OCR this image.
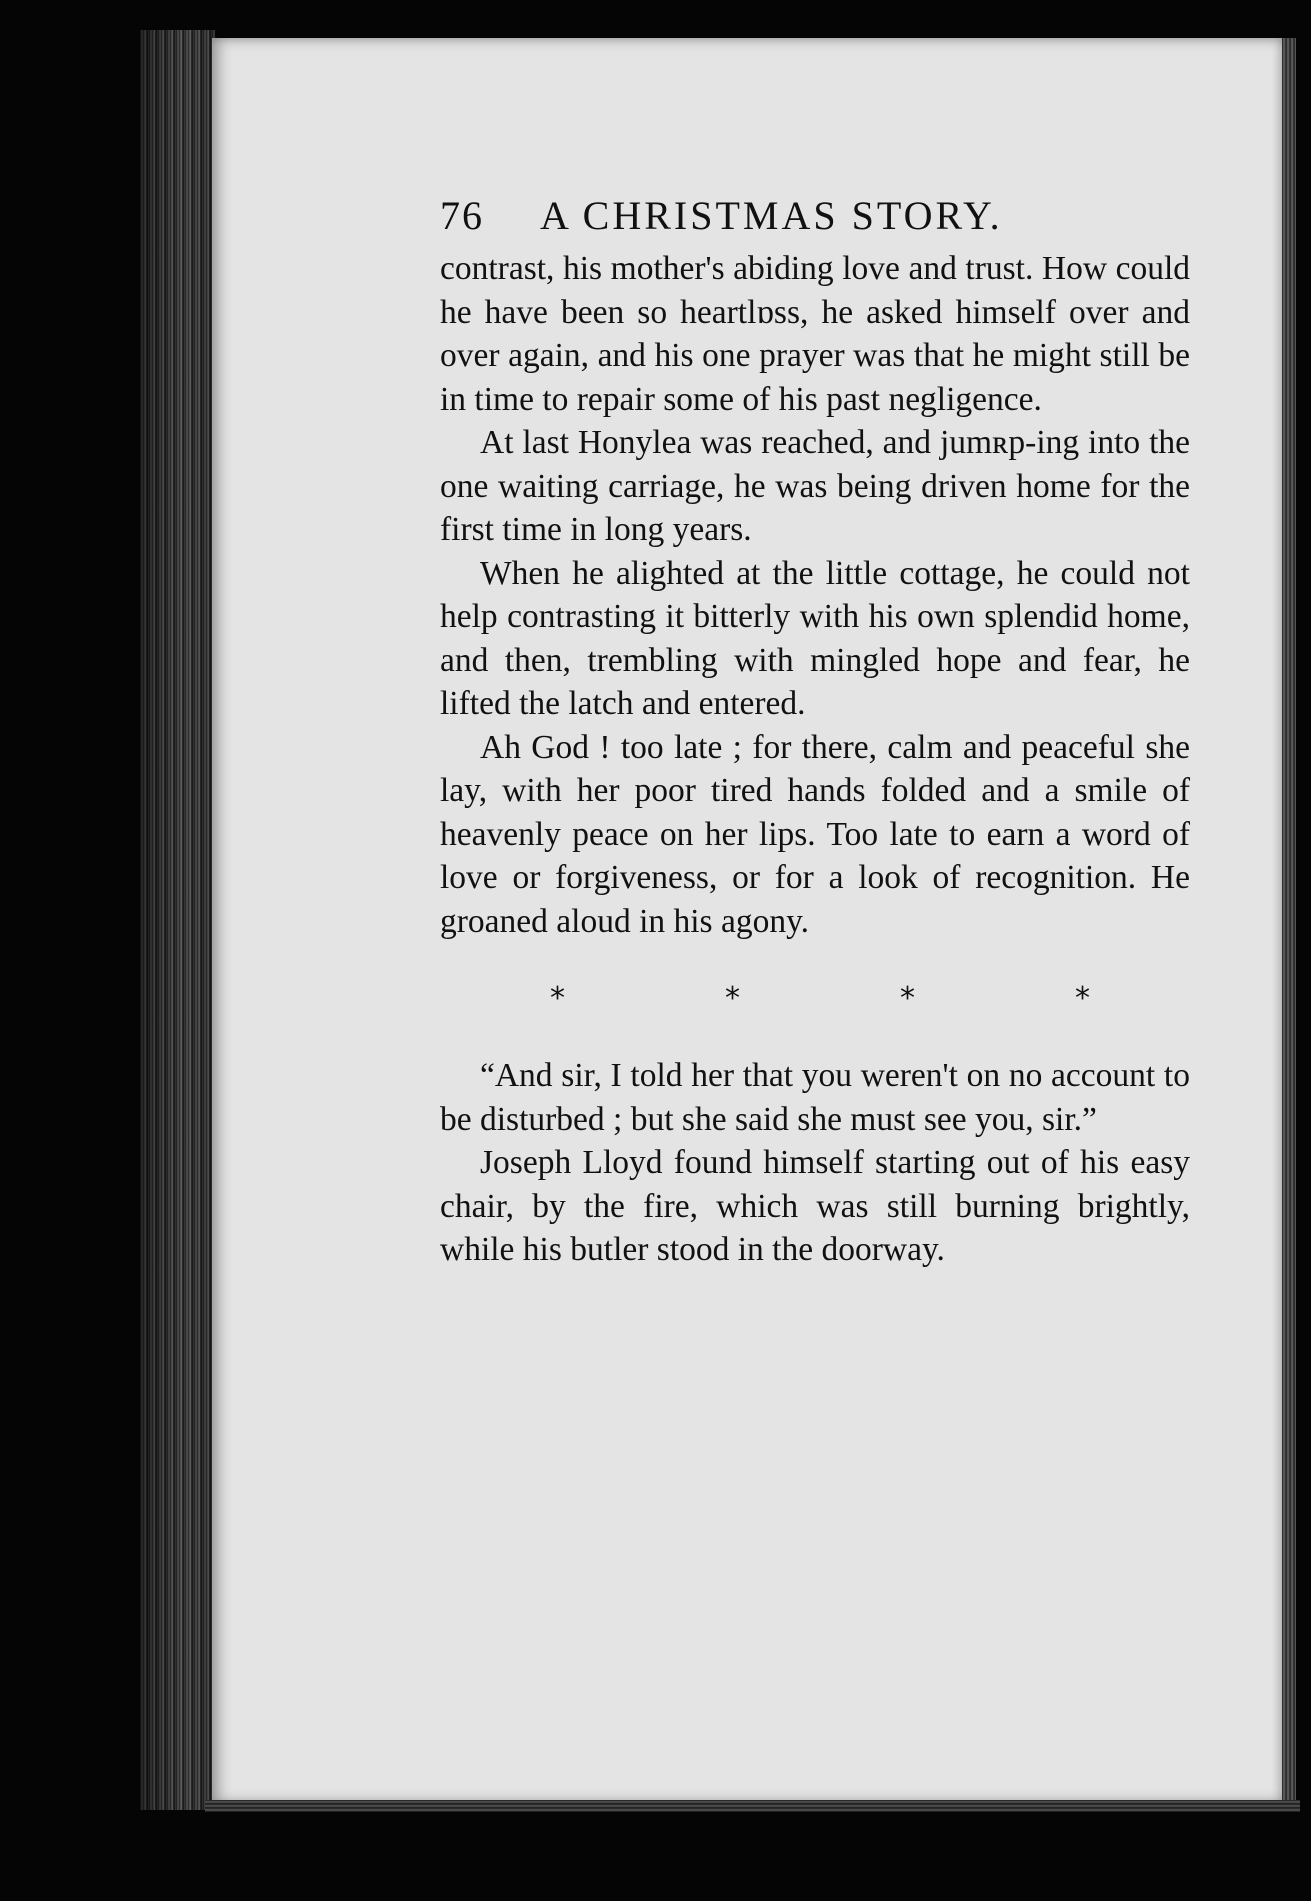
76	A CHRISTMAS STORY.

contrast, his mother's abiding love and trust. How could he have been so heartlɒss, he asked himself over and over again, and his one prayer was that he might still be in time to repair some of his past negligence.

At last Honylea was reached, and jumʀp-ing into the one waiting carriage, he was being driven home for the first time in long years.

When he alighted at the little cottage, he could not help contrasting it bitterly with his own splendid home, and then, trembling with mingled hope and fear, he lifted the latch and entered.

Ah God ! too late ; for there, calm and peaceful she lay, with her poor tired hands folded and a smile of heavenly peace on her lips. Too late to earn a word of love or forgiveness, or for a look of recognition. He groaned aloud in his agony.

*	*	*	*

“And sir, I told her that you weren't on no account to be disturbed ; but she said she must see you, sir.”

Joseph Lloyd found himself starting out of his easy chair, by the fire, which was still burning brightly, while his butler stood in the doorway.
